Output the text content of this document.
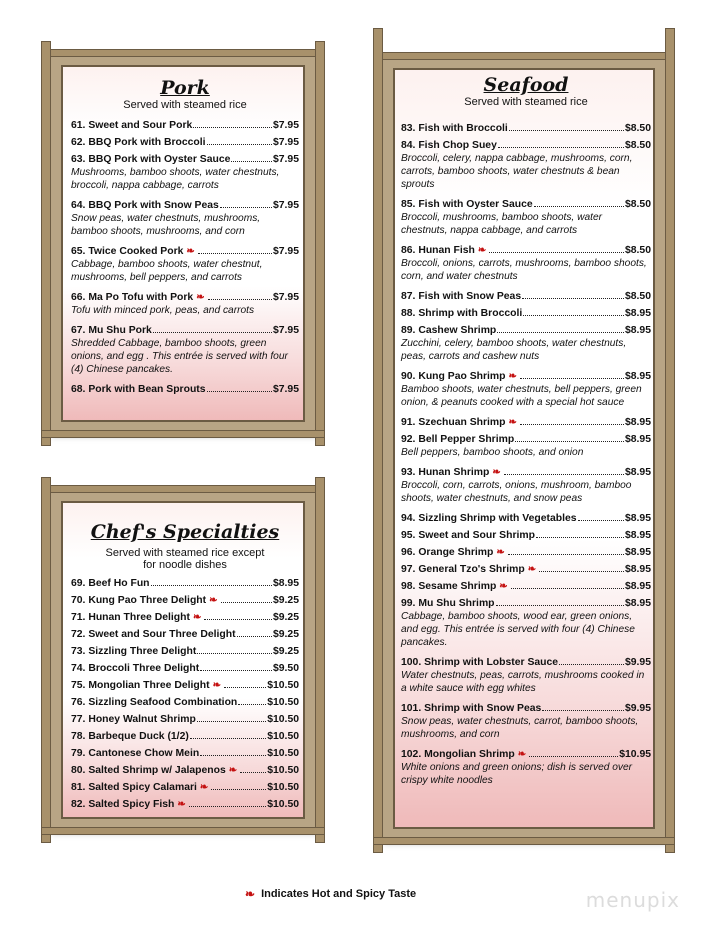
Pork

Served with steamed rice

61. Sweet and Sour Pork	$7.95
62. BBQ Pork with Broccoli	$7.95
63. BBQ Pork with Oyster Sauce	$7.95
Mushrooms, bamboo shoots, water chestnuts, broccoli, nappa cabbage, carrots
64. BBQ Pork with Snow Peas	$7.95
Snow peas, water chestnuts, mushrooms, bamboo shoots, mushrooms, and corn
65. Twice Cooked Pork ❧	$7.95
Cabbage, bamboo shoots, water chestnut, mushrooms, bell peppers, and carrots
66. Ma Po Tofu with Pork ❧	$7.95
Tofu with minced pork, peas, and carrots
67. Mu Shu Pork	$7.95
Shredded Cabbage, bamboo shoots, green onions, and egg . This entrée is served with four (4) Chinese pancakes.
68. Pork with Bean Sprouts	$7.95
Chef's Specialties

Served with steamed rice except for noodle dishes

69. Beef Ho Fun	$8.95
70. Kung Pao Three Delight ❧	$9.25
71. Hunan Three Delight ❧	$9.25
72. Sweet and Sour Three Delight	$9.25
73. Sizzling Three Delight	$9.25
74. Broccoli Three Delight	$9.50
75. Mongolian Three Delight ❧	$10.50
76. Sizzling Seafood Combination	$10.50
77. Honey Walnut Shrimp	$10.50
78. Barbeque Duck (1/2)	$10.50
79. Cantonese Chow Mein	$10.50
80. Salted Shrimp w/ Jalapenos ❧	$10.50
81. Salted Spicy Calamari ❧	$10.50
82. Salted Spicy Fish ❧	$10.50
Seafood

Served with steamed rice

83. Fish with Broccoli	$8.50
84. Fish Chop Suey	$8.50
Broccoli, celery, nappa cabbage, mushrooms, corn, carrots, bamboo shoots, water chestnuts & bean sprouts
85. Fish with Oyster Sauce	$8.50
Broccoli, mushrooms, bamboo shoots, water chestnuts, nappa cabbage, and carrots
86. Hunan Fish ❧	$8.50
Broccoli, onions, carrots, mushrooms, bamboo shoots, corn, and water chestnuts
87. Fish with Snow Peas	$8.50
88. Shrimp with Broccoli	$8.95
89. Cashew Shrimp	$8.95
Zucchini, celery, bamboo shoots, water chestnuts, peas, carrots and cashew nuts
90. Kung Pao Shrimp ❧	$8.95
Bamboo shoots, water chestnuts, bell peppers, green onion, & peanuts cooked with a special hot sauce
91. Szechuan Shrimp ❧	$8.95
92. Bell Pepper Shrimp	$8.95
Bell peppers, bamboo shoots, and onion
93. Hunan Shrimp ❧	$8.95
Broccoli, corn, carrots, onions, mushroom, bamboo shoots, water chestnuts, and snow peas
94. Sizzling Shrimp with Vegetables	$8.95
95. Sweet and Sour Shrimp	$8.95
96. Orange Shrimp ❧	$8.95
97. General Tzo's Shrimp ❧	$8.95
98. Sesame Shrimp ❧	$8.95
99. Mu Shu Shrimp	$8.95
Cabbage, bamboo shoots, wood ear, green onions, and egg. This entrée is served with four (4) Chinese pancakes.
100. Shrimp with Lobster Sauce	$9.95
Water chestnuts, peas, carrots, mushrooms cooked in a white sauce with egg whites
101. Shrimp with Snow Peas	$9.95
Snow peas, water chestnuts, carrot, bamboo shoots, mushrooms, and corn
102. Mongolian Shrimp ❧	$10.95
White onions and green onions; dish is served over crispy white noodles
❧ Indicates Hot and Spicy Taste	menupix
